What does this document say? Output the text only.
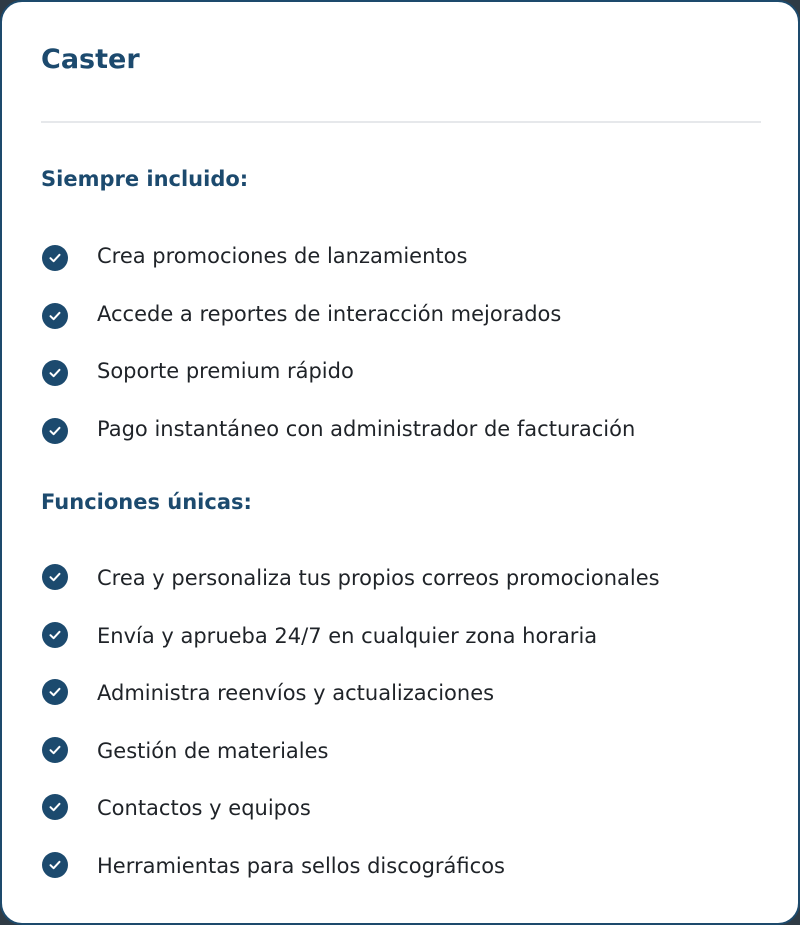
Caster
Siempre incluido:
Crea promociones de lanzamientos
Accede a reportes de interacción mejorados
Soporte premium rápido
Pago instantáneo con administrador de facturación
Funciones únicas:
Crea y personaliza tus propios correos promocionales
Envía y aprueba 24/7 en cualquier zona horaria
Administra reenvíos y actualizaciones
Gestión de materiales
Contactos y equipos
Herramientas para sellos discográficos
